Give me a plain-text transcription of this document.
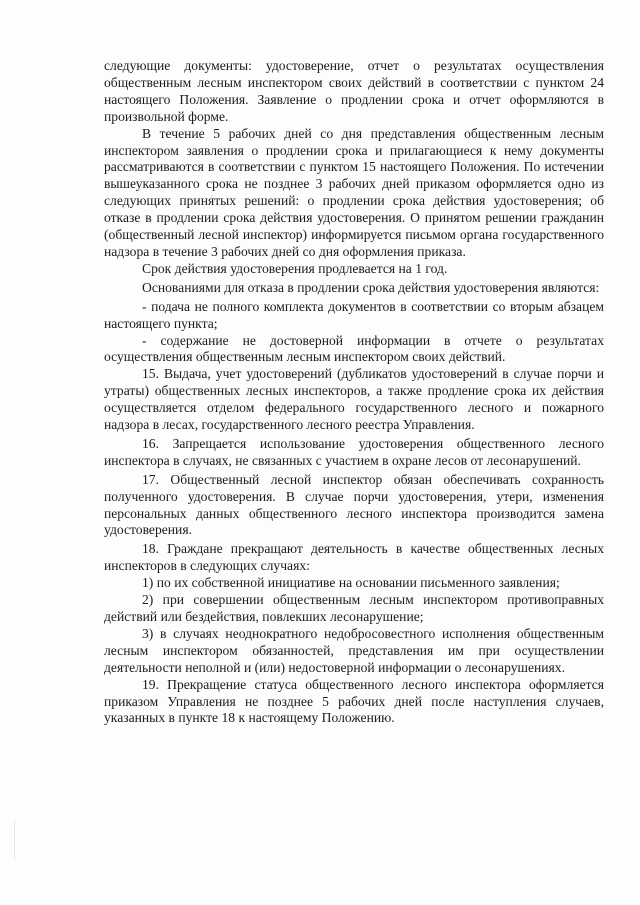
следующие документы: удостоверение, отчет о результатах осуществления общественным лесным инспектором своих действий в соответствии с пунктом 24 настоящего Положения. Заявление о продлении срока и отчет оформляются в произвольной форме.

В течение 5 рабочих дней со дня представления общественным лесным инспектором заявления о продлении срока и прилагающиеся к нему документы рассматриваются в соответствии с пунктом 15 настоящего Положения. По истечении вышеуказанного срока не позднее 3 рабочих дней приказом оформляется одно из следующих принятых решений: о продлении срока действия удостоверения; об отказе в продлении срока действия удостоверения. О принятом решении гражданин (общественный лесной инспектор) информируется письмом органа государственного надзора в течение 3 рабочих дней со дня оформления приказа.

Срок действия удостоверения продлевается на 1 год.

Основаниями для отказа в продлении срока действия удостоверения являются:

- подача не полного комплекта документов в соответствии со вторым абзацем настоящего пункта;

- содержание не достоверной информации в отчете о результатах осуществления общественным лесным инспектором своих действий.

15. Выдача, учет удостоверений (дубликатов удостоверений в случае порчи и утраты) общественных лесных инспекторов, а также продление срока их действия осуществляется отделом федерального государственного лесного и пожарного надзора в лесах, государственного лесного реестра Управления.

16. Запрещается использование удостоверения общественного лесного инспектора в случаях, не связанных с участием в охране лесов от лесонарушений.

17. Общественный лесной инспектор обязан обеспечивать сохранность полученного удостоверения. В случае порчи удостоверения, утери, изменения персональных данных общественного лесного инспектора производится замена удостоверения.

18. Граждане прекращают деятельность в качестве общественных лесных инспекторов в следующих случаях:

1) по их собственной инициативе на основании письменного заявления;

2) при совершении общественным лесным инспектором противоправных действий или бездействия, повлекших лесонарушение;

3) в случаях неоднократного недобросовестного исполнения общественным лесным инспектором обязанностей, представления им при осуществлении деятельности неполной и (или) недостоверной информации о лесонарушениях.

19. Прекращение статуса общественного лесного инспектора оформляется приказом Управления не позднее 5 рабочих дней после наступления случаев, указанных в пункте 18 к настоящему Положению.
